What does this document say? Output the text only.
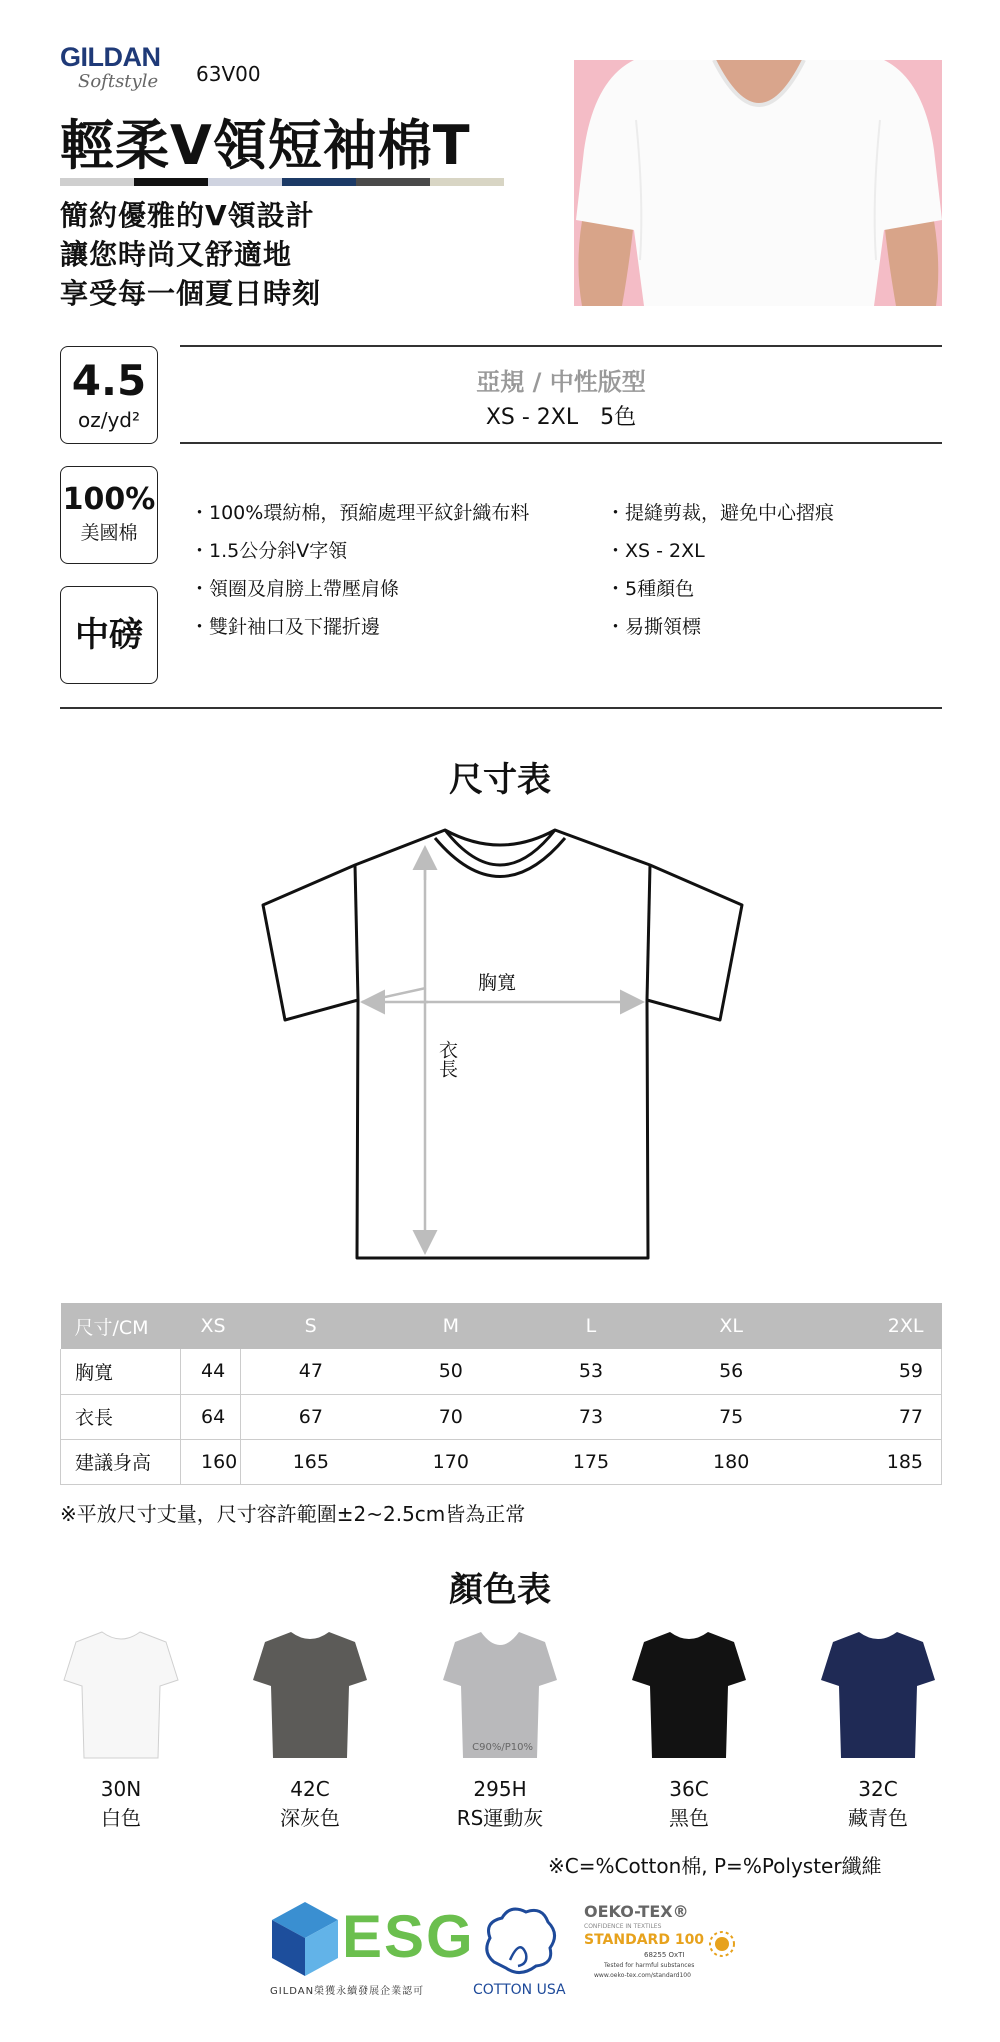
GILDAN
Softstyle 63V00
輕柔V領短袖棉T
簡約優雅的V領設計
讓您時尚又舒適地
享受每一個夏日時刻
4.5
oz/yd²
100%
美國棉
中磅
亞規 / 中性版型
XS - 2XL　5色
・100%環紡棉，預縮處理平紋針織布料
・1.5公分斜V字領
・領圈及肩膀上帶壓肩條
・雙針袖口及下擺折邊
・提縫剪裁，避免中心摺痕
・XS - 2XL
・5種顏色
・易撕領標
尺寸表
胸寬
衣長
尺寸/CM	XS	S	M	L	XL	2XL
胸寬	44	47	50	53	56	59
衣長	64	67	70	73	75	77
建議身高	160	165	170	175	180	185
※平放尺寸丈量，尺寸容許範圍±2~2.5cm皆為正常
顏色表
30N
白色
42C
深灰色
C90%/P10%
295H
RS運動灰
36C
黑色
32C
藏青色
※C=%Cotton棉, P=%Polyster纖維
ESG
GILDAN榮獲永續發展企業認可	COTTON USA
OEKO-TEX®
CONFIDENCE IN TEXTILES
STANDARD 100
68255 OxTI
Tested for harmful substances
www.oeko-tex.com/standard100
